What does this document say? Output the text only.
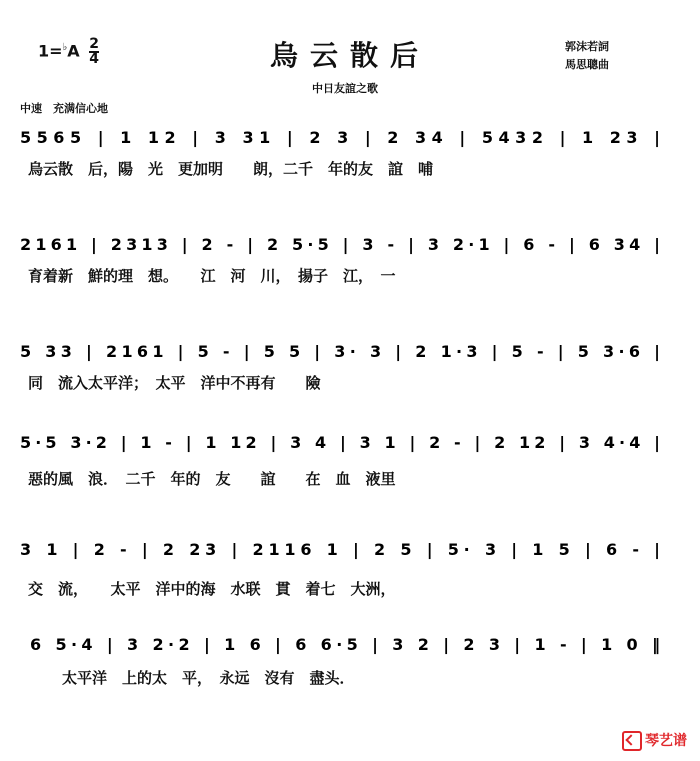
$1=^♭A \frac{2}{4}$	烏云散后
中日友誼之歌
郭沫若詞
馬思聰曲
中速　充满信心地
5565 | 1 12 | 3 31 | 2 3 | 2 34 | 5432 | 1 23 |
2161 | 2313 | 2 - | 2 5·5 | 3 - | 3 2·1 | 6 - | 6 34 |
5 33 | 2161 | 5 - | 5 5 | 3· 3 | 2 1·3 | 5 - | 5 3·6 |
5·5 3·2 | 1 - | 1 12 | 3 4 | 3 1 | 2 - | 2 12 | 3 4·4 |
3 1 | 2 - | 2 23 | 2116 1 | 2 5 | 5· 3 | 1 5 | 6 - |
6 5·4 | 3 2·2 | 1 6 | 6 6·5 | 3 2 | 2 3 | 1 - | 1 0 ‖
烏云散　后，陽　光　更加明　　朗，二千　年的友　誼　哺
育着新　鮮的理　想。　　江　河　川，　揚子　江，　一
同　流入太平洋；　太平　洋中不再有　　險
惡的風　浪．　二千　年的　友　　誼　　在　血　液里
交　流，　　太平　洋中的海　水联　貫　着七　大洲，
太平洋　上的太　平，　永远　沒有　盡头．
琴艺谱
